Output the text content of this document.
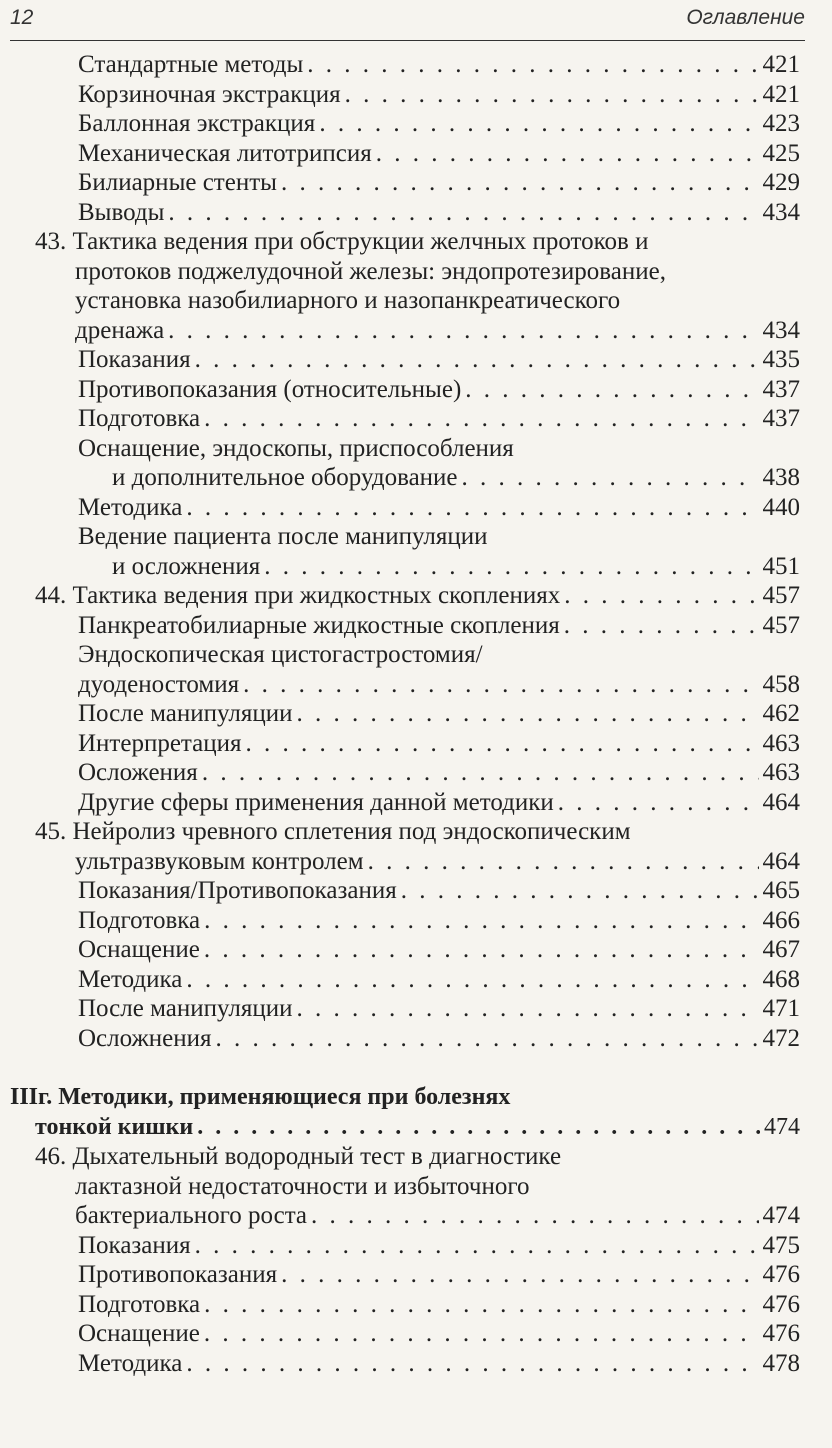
12	Оглавление
Стандартные методы . . .	421
Корзиночная экстракция . . .	421
Баллонная экстракция . . .	423
Механическая литотрипсия . . .	425
Билиарные стенты . . .	429
Выводы . . .	434
43. Тактика ведения при обструкции желчных протоков и
протоков поджелудочной железы: эндопротезирование,
установка назобилиарного и назопанкреатического
дренажа . . .	434
Показания . . .	435
Противопоказания (относительные) . . .	437
Подготовка . . .	437
Оснащение, эндоскопы, приспособления
и дополнительное оборудование . . .	438
Методика . . .	440
Ведение пациента после манипуляции
и осложнения . . .	451
44. Тактика ведения при жидкостных скоплениях . . .	457
Панкреатобилиарные жидкостные скопления . . .	457
Эндоскопическая цистогастростомия/
дуоденостомия . . .	458
После манипуляции . . .	462
Интерпретация . . .	463
Осложения . . .	463
Другие сферы применения данной методики . . .	464
45. Нейролиз чревного сплетения под эндоскопическим
ультразвуковым контролем . . .	464
Показания/Противопоказания . . .	465
Подготовка . . .	466
Оснащение . . .	467
Методика . . .	468
После манипуляции . . .	471
Осложнения . . .	472
IIIг. Методики, применяющиеся при болезнях
тонкой кишки . . .	474
46. Дыхательный водородный тест в диагностике
лактазной недостаточности и избыточного
бактериального роста . . .	474
Показания . . .	475
Противопоказания . . .	476
Подготовка . . .	476
Оснащение . . .	476
Методика . . .	478
